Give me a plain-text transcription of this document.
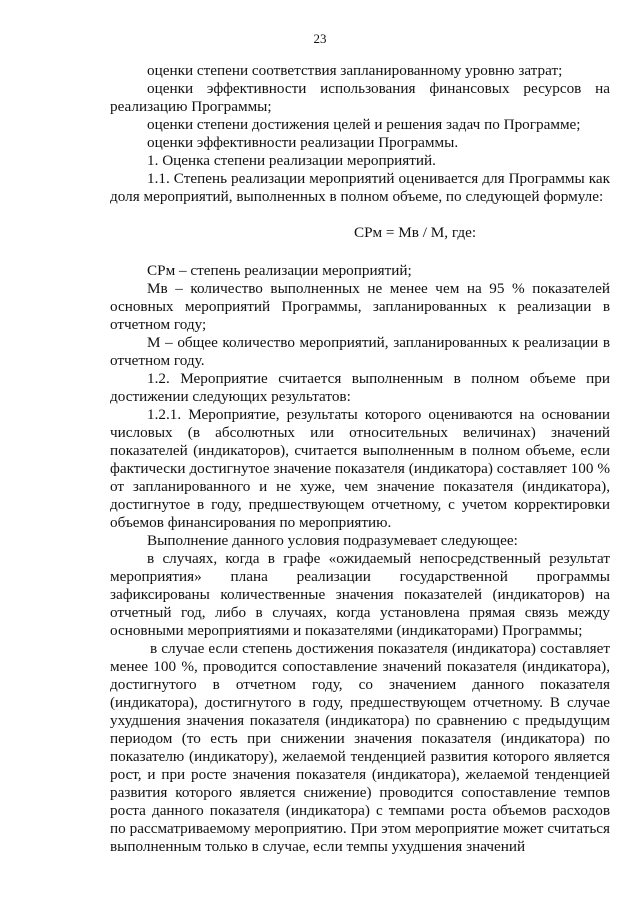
23

оценки степени соответствия запланированному уровню затрат;

оценки эффективности использования финансовых ресурсов на реализацию Программы;

оценки степени достижения целей и решения задач по Программе;

оценки эффективности реализации Программы.

1. Оценка степени реализации мероприятий.

1.1. Степень реализации мероприятий оценивается для Программы как доля мероприятий, выполненных в полном объеме, по следующей формуле:

СРм = Мв / М, где:

СРм – степень реализации мероприятий;

Мв – количество выполненных не менее чем на 95 % показателей основных мероприятий Программы, запланированных к реализации в отчетном году;

М – общее количество мероприятий, запланированных к реализации в отчетном году.

1.2. Мероприятие считается выполненным в полном объеме при достижении следующих результатов:

1.2.1. Мероприятие, результаты которого оцениваются на основании числовых (в абсолютных или относительных величинах) значений показателей (индикаторов), считается выполненным в полном объеме, если фактически достигнутое значение показателя (индикатора) составляет 100 % от запланированного и не хуже, чем значение показателя (индикатора), достигнутое в году, предшествующем отчетному, с учетом корректировки объемов финансирования по мероприятию.

Выполнение данного условия подразумевает следующее:

в случаях, когда в графе «ожидаемый непосредственный результат мероприятия» плана реализации государственной программы зафиксированы количественные значения показателей (индикаторов) на отчетный год, либо в случаях, когда установлена прямая связь между основными мероприятиями и показателями (индикаторами) Программы;

в случае если степень достижения показателя (индикатора) составляет менее 100 %, проводится сопоставление значений показателя (индикатора), достигнутого в отчетном году, со значением данного показателя (индикатора), достигнутого в году, предшествующем отчетному. В случае ухудшения значения показателя (индикатора) по сравнению с предыдущим периодом (то есть при снижении значения показателя (индикатора) по показателю (индикатору), желаемой тенденцией развития которого является рост, и при росте значения показателя (индикатора), желаемой тенденцией развития которого является снижение) проводится сопоставление темпов роста данного показателя (индикатора) с темпами роста объемов расходов по рассматриваемому мероприятию. При этом мероприятие может считаться выполненным только в случае, если темпы ухудшения значений
